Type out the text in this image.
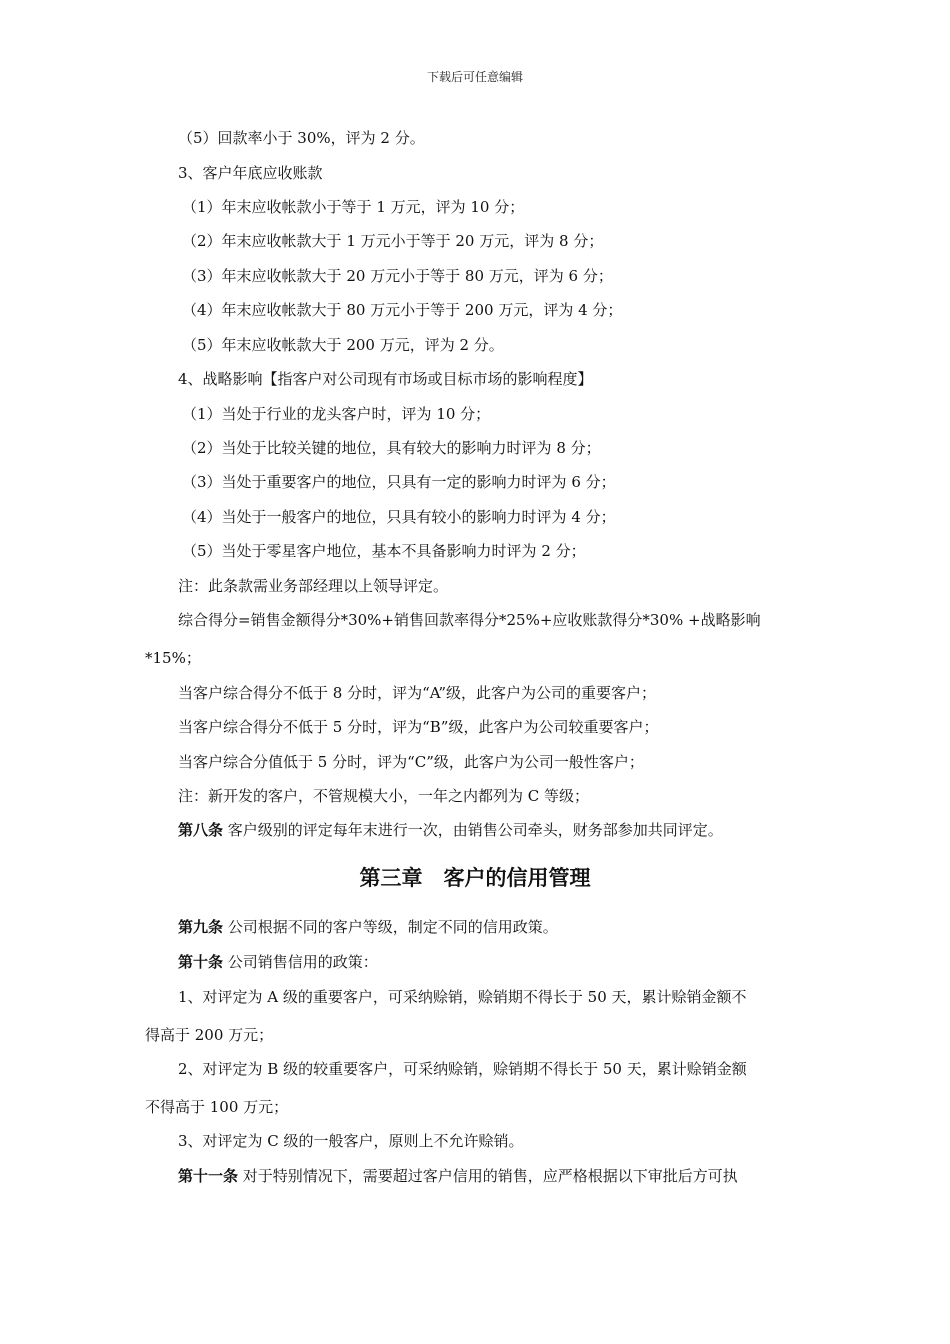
下载后可任意编辑
（5）回款率小于 30%，评为 2 分。
3、客户年底应收账款
（1）年末应收帐款小于等于 1 万元，评为 10 分；
（2）年末应收帐款大于 1 万元小于等于 20 万元，评为 8 分；
（3）年末应收帐款大于 20 万元小于等于 80 万元，评为 6 分；
（4）年末应收帐款大于 80 万元小于等于 200 万元，评为 4 分；
（5）年末应收帐款大于 200 万元，评为 2 分。
4、战略影响【指客户对公司现有市场或目标市场的影响程度】
（1）当处于行业的龙头客户时，评为 10 分；
（2）当处于比较关键的地位，具有较大的影响力时评为 8 分；
（3）当处于重要客户的地位，只具有一定的影响力时评为 6 分；
（4）当处于一般客户的地位，只具有较小的影响力时评为 4 分；
（5）当处于零星客户地位，基本不具备影响力时评为 2 分；
注：此条款需业务部经理以上领导评定。
综合得分=销售金额得分*30%+销售回款率得分*25%+应收账款得分*30% +战略影响
*15%；
当客户综合得分不低于 8 分时，评为“A”级，此客户为公司的重要客户；
当客户综合得分不低于 5 分时，评为“B”级，此客户为公司较重要客户；
当客户综合分值低于 5 分时，评为“C”级，此客户为公司一般性客户；
注：新开发的客户，不管规模大小，一年之内都列为 C 等级；
第八条 客户级别的评定每年末进行一次，由销售公司牵头，财务部参加共同评定。
第三章　客户的信用管理
第九条 公司根据不同的客户等级，制定不同的信用政策。
第十条 公司销售信用的政策：
1、对评定为 A 级的重要客户，可采纳赊销，赊销期不得长于 50 天，累计赊销金额不
得高于 200 万元；
2、对评定为 B 级的较重要客户，可采纳赊销，赊销期不得长于 50 天，累计赊销金额
不得高于 100 万元；
3、对评定为 C 级的一般客户，原则上不允许赊销。
第十一条 对于特别情况下，需要超过客户信用的销售，应严格根据以下审批后方可执
